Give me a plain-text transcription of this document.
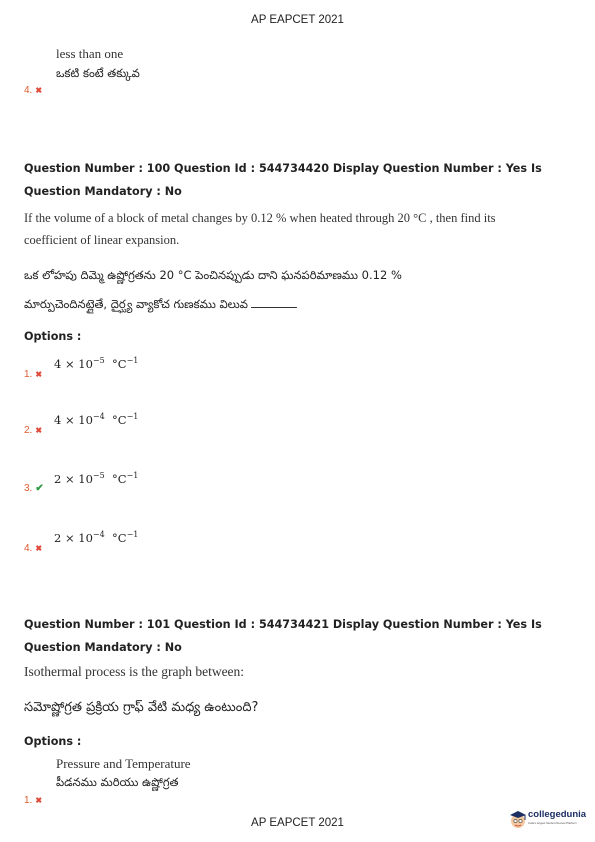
AP EAPCET 2021
less than one
ఒకటి కంటే తక్కువ
4. ✖
Question Number : 100 Question Id : 544734420 Display Question Number : Yes Is Question Mandatory : No
If the volume of a block of metal changes by 0.12 % when heated through 20 °C , then find its
coefficient of linear expansion.
ఒక లోహపు దిమ్మె ఉష్ణోగ్రతను 20 °C పెంచినప్పుడు దాని ఘనపరిమాణము 0.12 %
మార్పుచెందినట్లైతే, దైర్ఘ్య వ్యాకోచ గుణకము విలువ
Options :
1. ✖
$4 \times 10^{-5}$ $^\circ C^{-1}$
2. ✖
$4 \times 10^{-4}$ $^\circ C^{-1}$
3. ✔
$2 \times 10^{-5}$ $^\circ C^{-1}$
4. ✖
$2 \times 10^{-4}$ $^\circ C^{-1}$
Question Number : 101 Question Id : 544734421 Display Question Number : Yes Is Question Mandatory : No
Isothermal process is the graph between:
సమోష్ణోగ్రత ప్రక్రియ గ్రాఫ్ వేటి మధ్య ఉంటుంది?
Options :
Pressure and Temperature
పీడనము మరియు ఉష్ణోగ్రత
1. ✖
AP EAPCET 2021
collegedunia
India's largest Student Review Platform
